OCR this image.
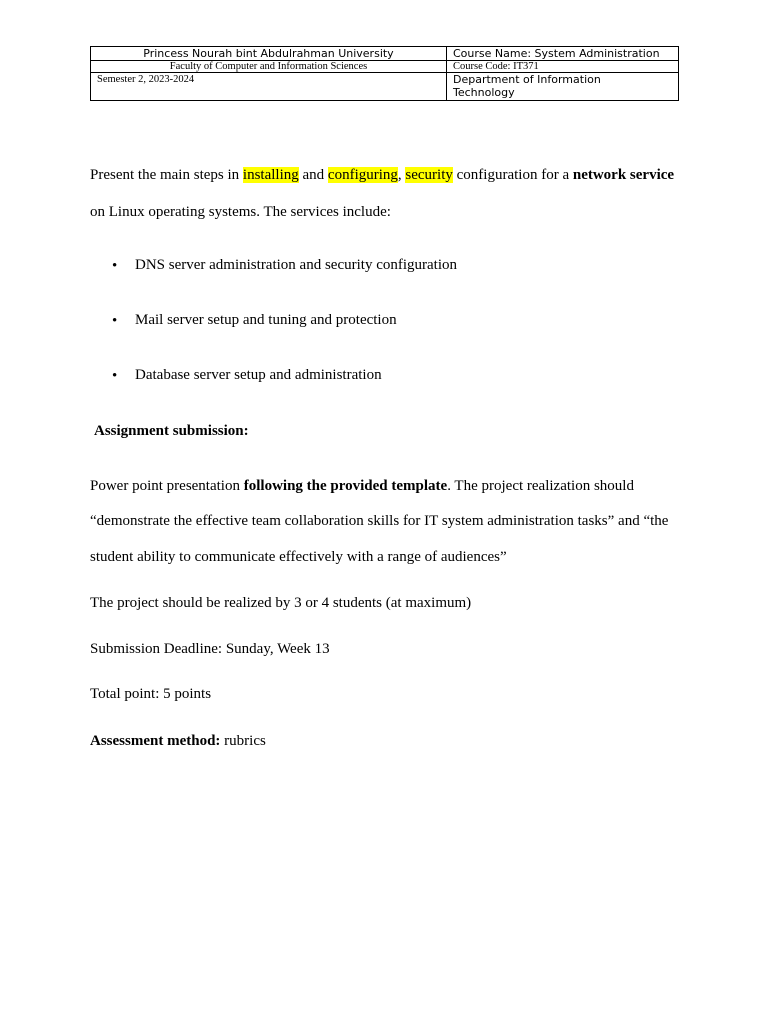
Princess Nourah bint Abdulrahman University	Course Name: System Administration
Faculty of Computer and Information Sciences	Course Code: IT371
Semester 2, 2023-2024	Department of Information
Technology
Present the main steps in installing and configuring, security configuration for a network service
on Linux operating systems. The services include:
• DNS server administration and security configuration
• Mail server setup and tuning and protection
• Database server setup and administration
Assignment submission:
Power point presentation following the provided template. The project realization should
“demonstrate the effective team collaboration skills for IT system administration tasks” and “the
student ability to communicate effectively with a range of audiences”
The project should be realized by 3 or 4 students (at maximum)
Submission Deadline: Sunday, Week 13
Total point: 5 points
Assessment method: rubrics
